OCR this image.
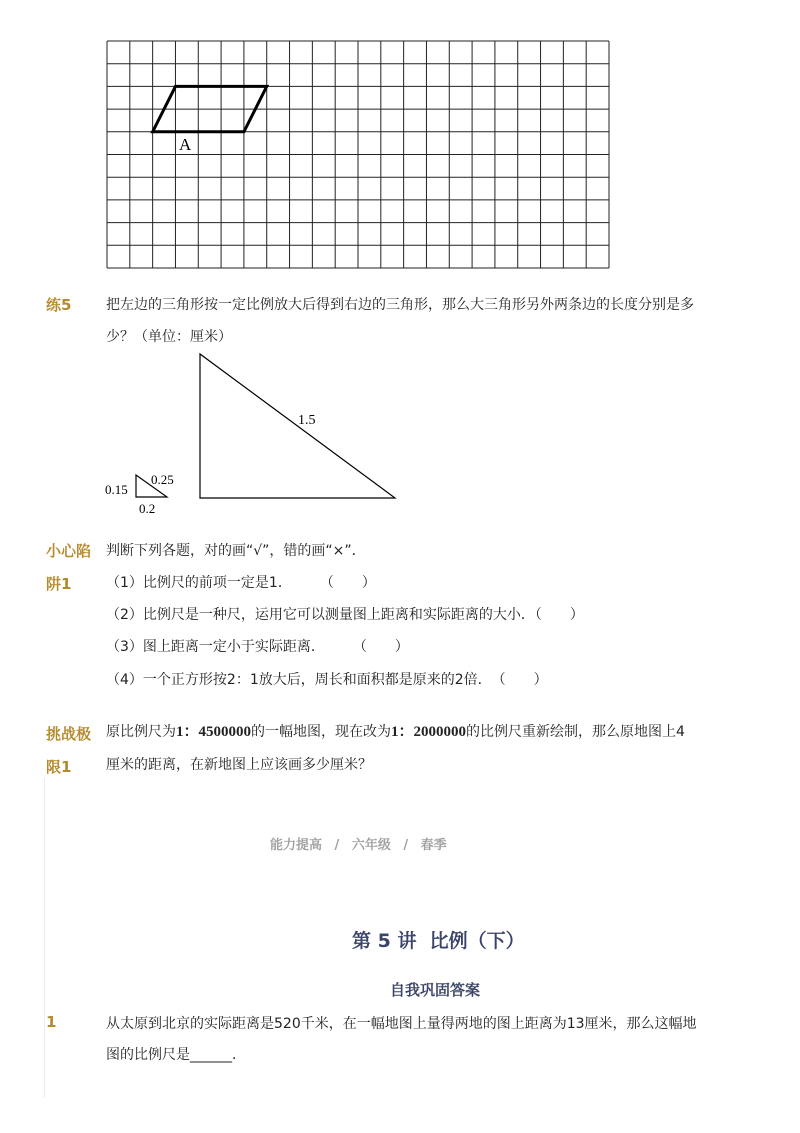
A
练5 把左边的三角形按一定比例放大后得到右边的三角形，那么大三角形另外两条边的长度分别是多
少？（单位：厘米）
0.15
0.25
0.2
1.5
小心陷
阱1
判断下列各题，对的画“√”，错的画“×”．
（1）比例尺的前项一定是1．　　　（　　）
（2）比例尺是一种尺，运用它可以测量图上距离和实际距离的大小．（　　）
（3）图上距离一定小于实际距离．　　　（　　）
（4）一个正方形按2：1放大后，周长和面积都是原来的2倍．　（　　）
挑战极
限1
原比例尺为1：4500000的一幅地图，现在改为1：2000000的比例尺重新绘制，那么原地图上4
厘米的距离，在新地图上应该画多少厘米？
能力提高 / 六年级 / 春季
第 5 讲  比例（下）
自我巩固答案
1	从太原到北京的实际距离是520千米，在一幅地图上量得两地的图上距离为13厘米，那么这幅地
图的比例尺是______．
